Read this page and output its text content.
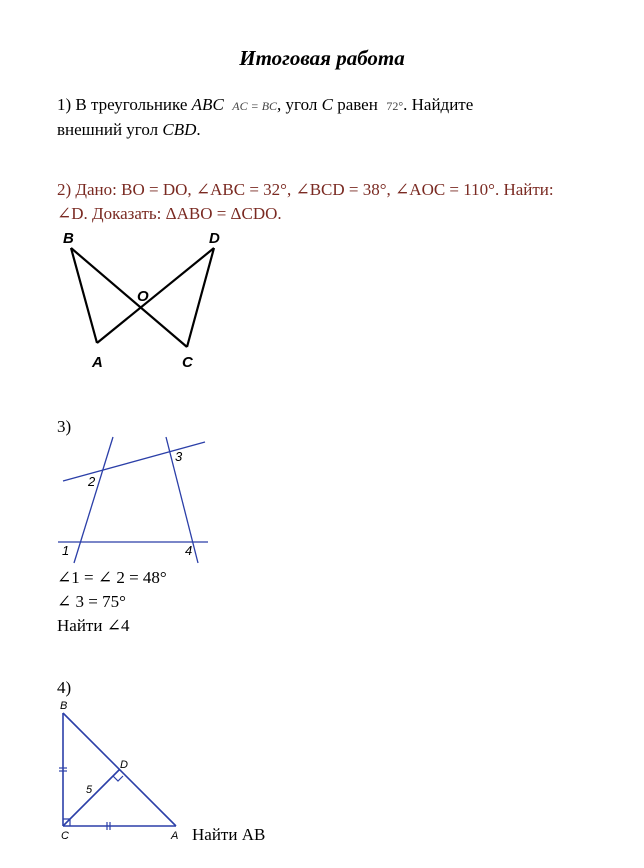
Итоговая работа
1) В треугольнике ABC AC = BC, угол C равен  72°. Найдите
внешний угол CBD.
2) Дано: BO = DO, ∠ABC = 32°, ∠BCD = 38°, ∠AOC = 110°. Найти:
∠D. Доказать: ΔABO = ΔCDO.
B	D
O
A	C
2
3
1	4
B
D
C	A
5
3)
∠1 = ∠ 2 = 48°
∠ 3 = 75°
Найти ∠4
4)
Найти AB
